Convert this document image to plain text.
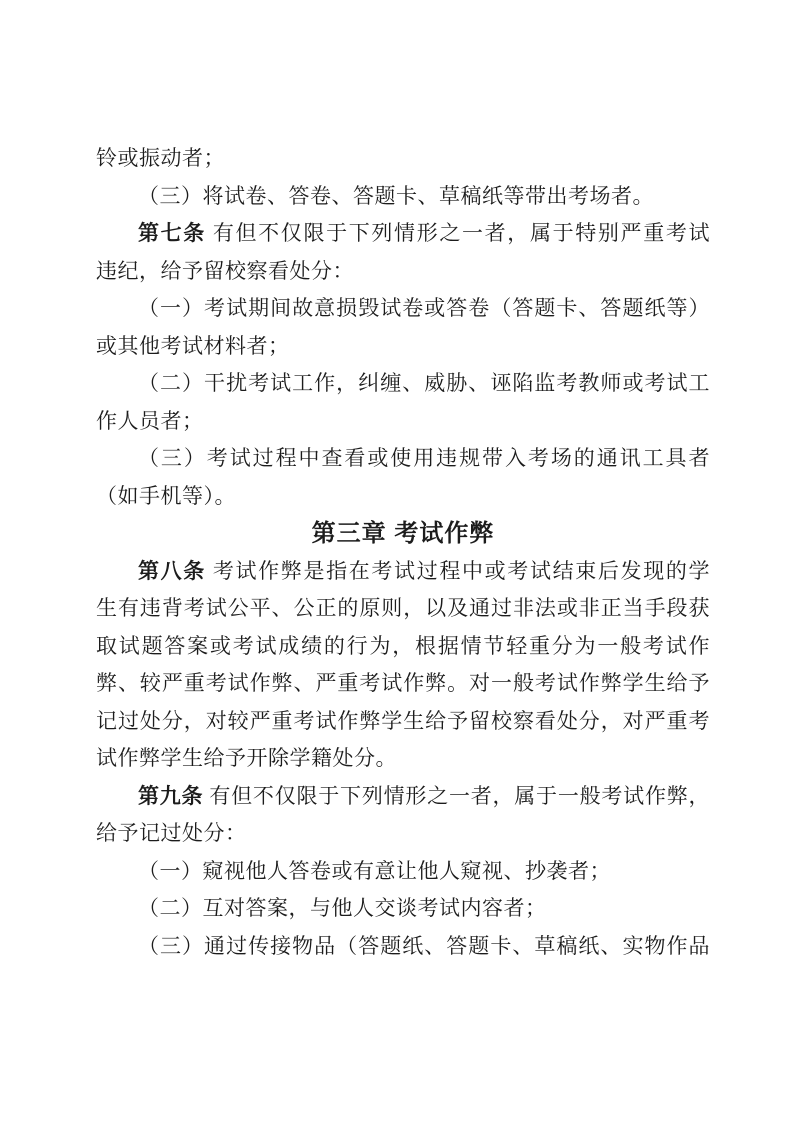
铃或振动者；
（三）将试卷、答卷、答题卡、草稿纸等带出考场者。
第七条 有但不仅限于下列情形之一者，属于特别严重考试
违纪，给予留校察看处分：
（一）考试期间故意损毁试卷或答卷（答题卡、答题纸等）
或其他考试材料者；
（二）干扰考试工作，纠缠、威胁、诬陷监考教师或考试工
作人员者；
（三）考试过程中查看或使用违规带入考场的通讯工具者
（如手机等）。
第三章 考试作弊
第八条 考试作弊是指在考试过程中或考试结束后发现的学
生有违背考试公平、公正的原则，以及通过非法或非正当手段获
取试题答案或考试成绩的行为，根据情节轻重分为一般考试作
弊、较严重考试作弊、严重考试作弊。对一般考试作弊学生给予
记过处分，对较严重考试作弊学生给予留校察看处分，对严重考
试作弊学生给予开除学籍处分。
第九条 有但不仅限于下列情形之一者，属于一般考试作弊，
给予记过处分：
（一）窥视他人答卷或有意让他人窥视、抄袭者；
（二）互对答案，与他人交谈考试内容者；
（三）通过传接物品（答题纸、答题卡、草稿纸、实物作品
